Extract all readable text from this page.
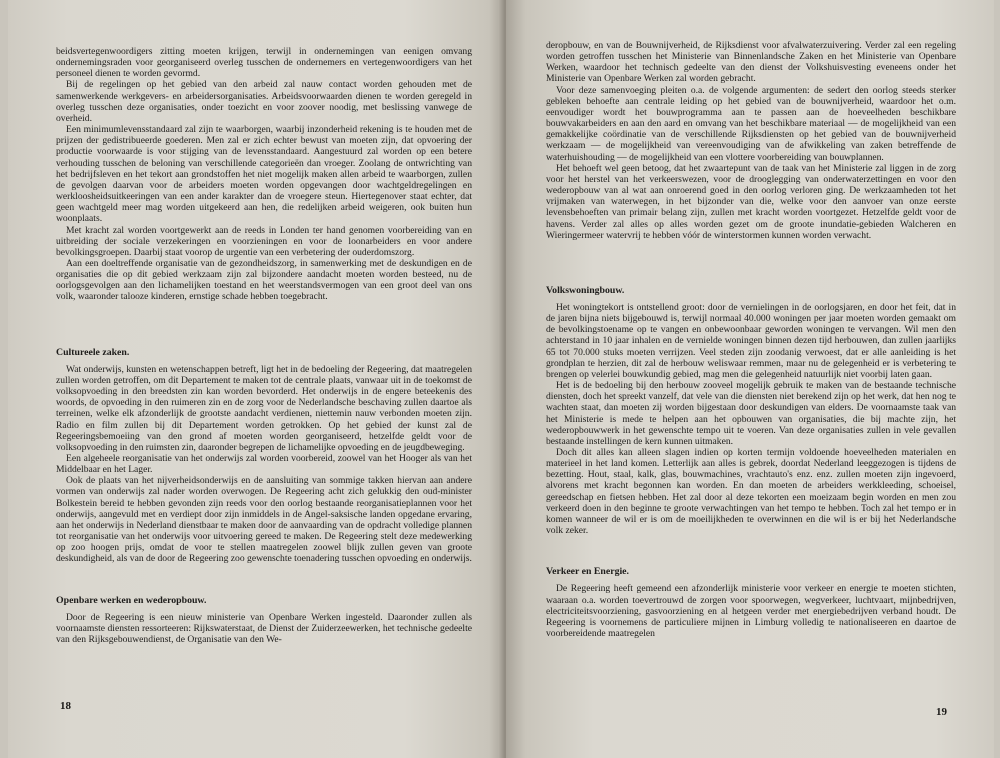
beidsvertegenwoordigers zitting moeten krijgen, terwijl in ondernemingen van eenigen omvang ondernemingsraden voor georganiseerd overleg tusschen de ondernemers en vertegenwoordigers van het personeel dienen te worden gevormd.

Bij de regelingen op het gebied van den arbeid zal nauw contact worden gehouden met de samenwerkende werkgevers- en arbeidersorganisaties. Arbeidsvoorwaarden dienen te worden geregeld in overleg tusschen deze organisaties, onder toezicht en voor zoover noodig, met beslissing vanwege de overheid.

Een minimumlevensstandaard zal zijn te waarborgen, waarbij inzonderheid rekening is te houden met de prijzen der gedistribueerde goederen. Men zal er zich echter bewust van moeten zijn, dat opvoering der productie voorwaarde is voor stijging van de levensstandaard. Aangestuurd zal worden op een betere verhouding tusschen de beloning van verschillende categorieën dan vroeger. Zoolang de ontwrichting van het bedrijfsleven en het tekort aan grondstoffen het niet mogelijk maken allen arbeid te waarborgen, zullen de gevolgen daarvan voor de arbeiders moeten worden opgevangen door wachtgeldregelingen en werkloosheidsuitkeeringen van een ander karakter dan de vroegere steun. Hiertegenover staat echter, dat geen wachtgeld meer mag worden uitgekeerd aan hen, die redelijken arbeid weigeren, ook buiten hun woonplaats.

Met kracht zal worden voortgewerkt aan de reeds in Londen ter hand genomen voorbereiding van en uitbreiding der sociale verzekeringen en voorzieningen en voor de loonarbeiders en voor andere bevolkingsgroepen. Daarbij staat voorop de urgentie van een verbetering der ouderdomszorg.

Aan een doeltreffende organisatie van de gezondheidszorg, in samenwerking met de deskundigen en de organisaties die op dit gebied werkzaam zijn zal bijzondere aandacht moeten worden besteed, nu de oorlogsgevolgen aan den lichamelijken toestand en het weerstandsvermogen van een groot deel van ons volk, waaronder talooze kinderen, ernstige schade hebben toegebracht.

Cultureele zaken.

Wat onderwijs, kunsten en wetenschappen betreft, ligt het in de bedoeling der Regeering, dat maatregelen zullen worden getroffen, om dit Departement te maken tot de centrale plaats, vanwaar uit in de toekomst de volksopvoeding in den breedsten zin kan worden bevorderd. Het onderwijs in de engere beteekenis des woords, de opvoeding in den ruimeren zin en de zorg voor de Nederlandsche beschaving zullen daartoe als terreinen, welke elk afzonderlijk de grootste aandacht verdienen, niettemin nauw verbonden moeten zijn. Radio en film zullen bij dit Departement worden getrokken. Op het gebied der kunst zal de Regeeringsbemoeiing van den grond af moeten worden georganiseerd, hetzelfde geldt voor de volksopvoeding in den ruimsten zin, daaronder begrepen de lichamelijke opvoeding en de jeugdbeweging.

Een algeheele reorganisatie van het onderwijs zal worden voorbereid, zoowel van het Hooger als van het Middelbaar en het Lager.

Ook de plaats van het nijverheidsonderwijs en de aansluiting van sommige takken hiervan aan andere vormen van onderwijs zal nader worden overwogen. De Regeering acht zich gelukkig den oud-minister Bolkestein bereid te hebben gevonden zijn reeds voor den oorlog bestaande reorganisatieplannen voor het onderwijs, aangevuld met en verdiept door zijn inmiddels in de Angel-saksische landen opgedane ervaring, aan het onderwijs in Nederland dienstbaar te maken door de aanvaarding van de opdracht volledige plannen tot reorganisatie van het onderwijs voor uitvoering gereed te maken. De Regeering stelt deze medewerking op zoo hoogen prijs, omdat de voor te stellen maatregelen zoowel blijk zullen geven van groote deskundigheid, als van de door de Regeering zoo gewenschte toenadering tusschen opvoeding en onderwijs.

Openbare werken en wederopbouw.

Door de Regeering is een nieuw ministerie van Openbare Werken ingesteld. Daaronder zullen als voornaamste diensten ressorteeren: Rijkswaterstaat, de Dienst der Zuiderzeewerken, het technische gedeelte van den Rijksgebouwendienst, de Organisatie van den We-

18

deropbouw, en van de Bouwnijverheid, de Rijksdienst voor afvalwaterzuivering. Verder zal een regeling worden getroffen tusschen het Ministerie van Binnenlandsche Zaken en het Ministerie van Openbare Werken, waardoor het technisch gedeelte van den dienst der Volkshuisvesting eveneens onder het Ministerie van Openbare Werken zal worden gebracht.

Voor deze samenvoeging pleiten o.a. de volgende argumenten: de sedert den oorlog steeds sterker gebleken behoefte aan centrale leiding op het gebied van de bouwnijverheid, waardoor het o.m. eenvoudiger wordt het bouwprogramma aan te passen aan de hoeveelheden beschikbare bouwvakarbeiders en aan den aard en omvang van het beschikbare materiaal — de mogelijkheid van een gemakkelijke coördinatie van de verschillende Rijksdiensten op het gebied van de bouwnijverheid werkzaam — de mogelijkheid van vereenvoudiging van de afwikkeling van zaken betreffende de waterhuishouding — de mogelijkheid van een vlottere voorbereiding van bouwplannen.

Het behoeft wel geen betoog, dat het zwaartepunt van de taak van het Ministerie zal liggen in de zorg voor het herstel van het verkeerswezen, voor de drooglegging van onderwaterzettingen en voor den wederopbouw van al wat aan onroerend goed in den oorlog verloren ging. De werkzaamheden tot het vrijmaken van waterwegen, in het bijzonder van die, welke voor den aanvoer van onze eerste levensbehoeften van primair belang zijn, zullen met kracht worden voortgezet. Hetzelfde geldt voor de havens. Verder zal alles op alles worden gezet om de groote inundatie-gebieden Walcheren en Wieringermeer watervrij te hebben vóór de winterstormen kunnen worden verwacht.

Volkswoningbouw.

Het woningtekort is ontstellend groot: door de vernielingen in de oorlogsjaren, en door het feit, dat in de jaren bijna niets bijgebouwd is, terwijl normaal 40.000 woningen per jaar moeten worden gemaakt om de bevolkingstoename op te vangen en onbewoonbaar geworden woningen te vervangen. Wil men den achterstand in 10 jaar inhalen en de vernielde woningen binnen dezen tijd herbouwen, dan zullen jaarlijks 65 tot 70.000 stuks moeten verrijzen. Veel steden zijn zoodanig verwoest, dat er alle aanleiding is het grondplan te herzien, dit zal de herbouw weliswaar remmen, maar nu de gelegenheid er is verbetering te brengen op velerlei bouwkundig gebied, mag men die gelegenheid natuurlijk niet voorbij laten gaan.

Het is de bedoeling bij den herbouw zooveel mogelijk gebruik te maken van de bestaande technische diensten, doch het spreekt vanzelf, dat vele van die diensten niet berekend zijn op het werk, dat hen nog te wachten staat, dan moeten zij worden bijgestaan door deskundigen van elders. De voornaamste taak van het Ministerie is mede te helpen aan het opbouwen van organisaties, die bij machte zijn, het wederopbouwwerk in het gewenschte tempo uit te voeren. Van deze organisaties zullen in vele gevallen bestaande instellingen de kern kunnen uitmaken.

Doch dit alles kan alleen slagen indien op korten termijn voldoende hoeveelheden materialen en materieel in het land komen. Letterlijk aan alles is gebrek, doordat Nederland leeggezogen is tijdens de bezetting. Hout, staal, kalk, glas, bouwmachines, vrachtauto's enz. enz. zullen moeten zijn ingevoerd, alvorens met kracht begonnen kan worden. En dan moeten de arbeiders werkkleeding, schoeisel, gereedschap en fietsen hebben. Het zal door al deze tekorten een moeizaam begin worden en men zou verkeerd doen in den beginne te groote verwachtingen van het tempo te hebben. Toch zal het tempo er in komen wanneer de wil er is om de moeilijkheden te overwinnen en die wil is er bij het Nederlandsche volk zeker.

Verkeer en Energie.

De Regeering heeft gemeend een afzonderlijk ministerie voor verkeer en energie te moeten stichten, waaraan o.a. worden toevertrouwd de zorgen voor spoorwegen, wegverkeer, luchtvaart, mijnbedrijven, electriciteitsvoorziening, gasvoorziening en al hetgeen verder met energiebedrijven verband houdt. De Regeering is voornemens de particuliere mijnen in Limburg volledig te nationaliseeren en daartoe de voorbereidende maatregelen

19
